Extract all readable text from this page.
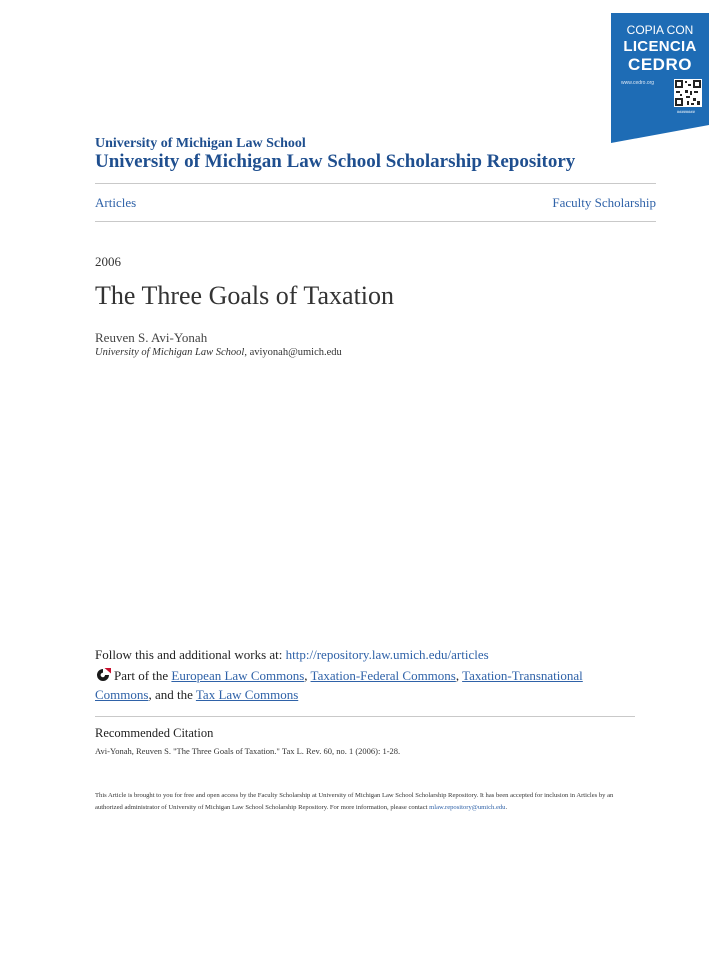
COPIA CON
LICENCIA
CEDRO
www.cedro.org
########
University of Michigan Law School
University of Michigan Law School Scholarship Repository
Articles	Faculty Scholarship
2006
The Three Goals of Taxation
Reuven S. Avi-Yonah
University of Michigan Law School, aviyonah@umich.edu
Follow this and additional works at: http://repository.law.umich.edu/articles
Part of the European Law Commons, Taxation-Federal Commons, Taxation-Transnational Commons, and the Tax Law Commons
Recommended Citation
Avi-Yonah, Reuven S. "The Three Goals of Taxation." Tax L. Rev. 60, no. 1 (2006): 1-28.
This Article is brought to you for free and open access by the Faculty Scholarship at University of Michigan Law School Scholarship Repository. It has been accepted for inclusion in Articles by an authorized administrator of University of Michigan Law School Scholarship Repository. For more information, please contact mlaw.repository@umich.edu.
